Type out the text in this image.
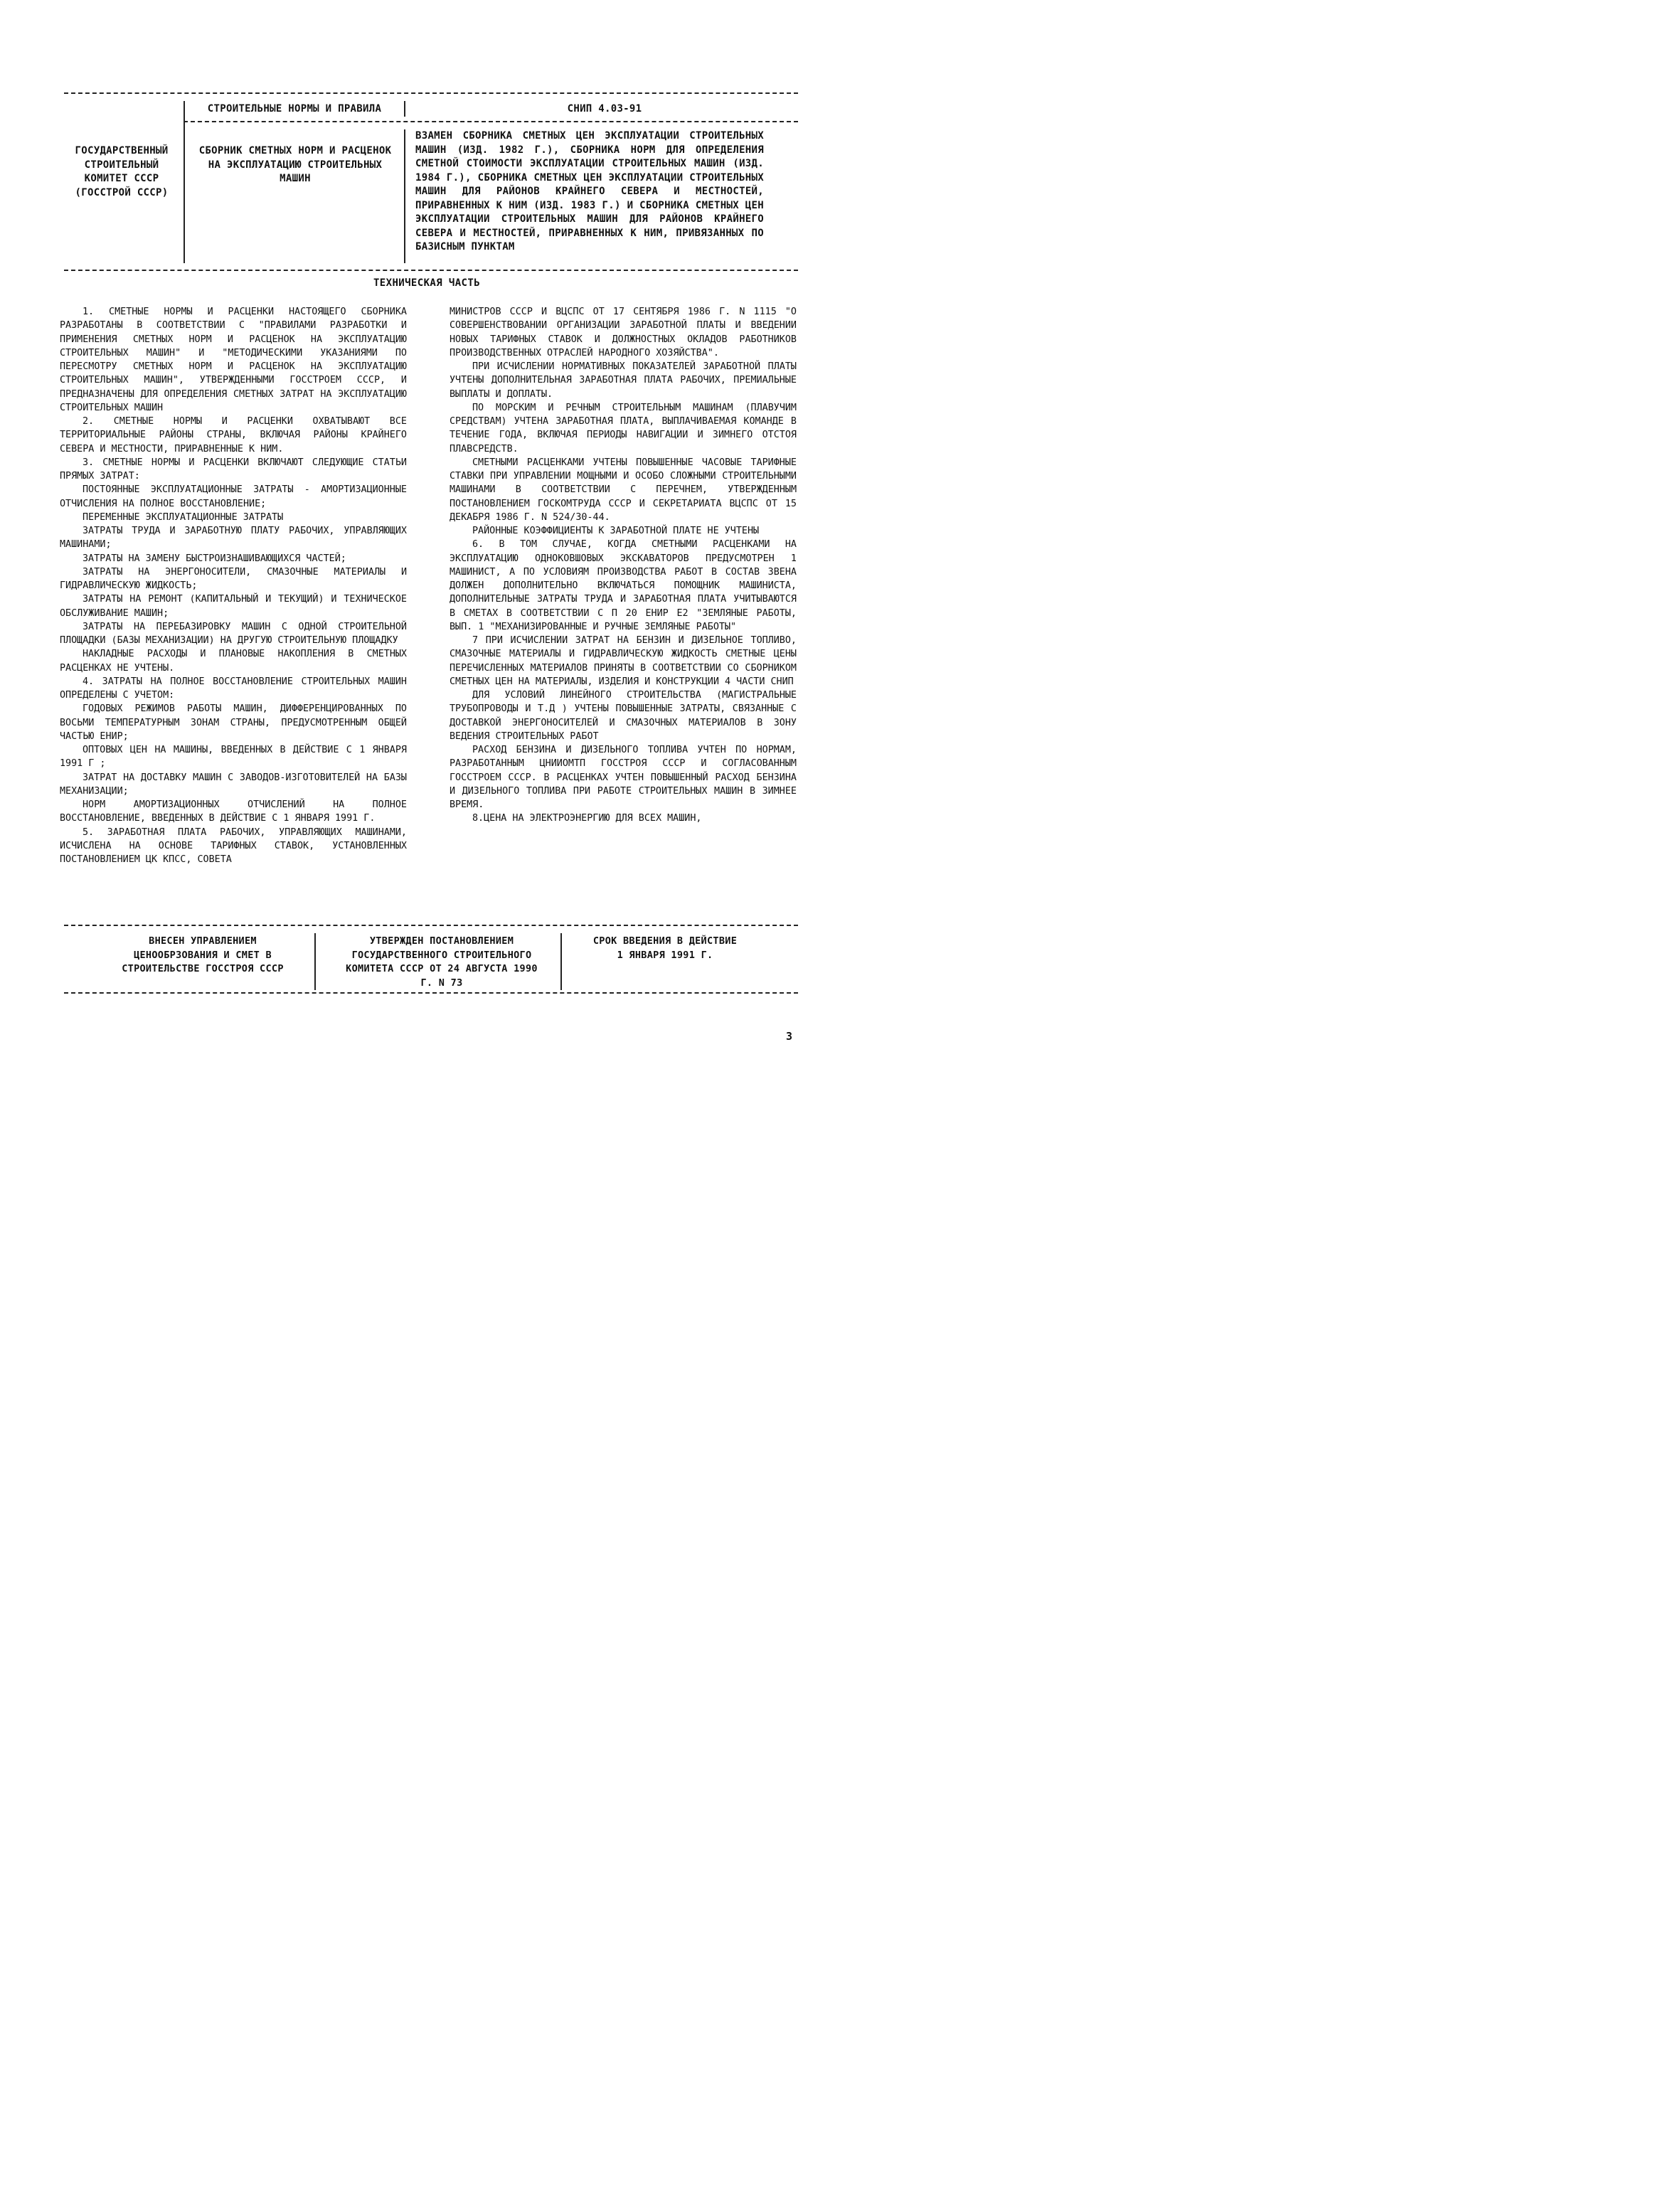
СТРОИТЕЛЬНЫЕ НОРМЫ И ПРАВИЛА	СНИП 4.03-91
ГОСУДАРСТВЕННЫЙ СТРОИТЕЛЬНЫЙ КОМИТЕТ СССР (ГОССТРОЙ СССР)
СБОРНИК СМЕТНЫХ НОРМ И РАСЦЕНОК НА ЭКСПЛУАТАЦИЮ СТРОИТЕЛЬНЫХ МАШИН
ВЗАМЕН СБОРНИКА СМЕТНЫХ ЦЕН ЭКСПЛУАТАЦИИ СТРОИТЕЛЬНЫХ МАШИН (ИЗД. 1982 Г.), СБОРНИКА НОРМ ДЛЯ ОПРЕДЕЛЕНИЯ СМЕТНОЙ СТОИМОСТИ ЭКСПЛУАТАЦИИ СТРОИТЕЛЬНЫХ МАШИН (ИЗД. 1984 Г.), СБОРНИКА СМЕТНЫХ ЦЕН ЭКСПЛУАТАЦИИ СТРОИТЕЛЬНЫХ МАШИН ДЛЯ РАЙОНОВ КРАЙНЕГО СЕВЕРА И МЕСТНОСТЕЙ, ПРИРАВНЕННЫХ К НИМ (ИЗД. 1983 Г.) И СБОРНИКА СМЕТНЫХ ЦЕН ЭКСПЛУАТАЦИИ СТРОИТЕЛЬНЫХ МАШИН ДЛЯ РАЙОНОВ КРАЙНЕГО СЕВЕРА И МЕСТНОСТЕЙ, ПРИРАВНЕННЫХ К НИМ, ПРИВЯЗАННЫХ ПО БАЗИСНЫМ ПУНКТАМ
ТЕХНИЧЕСКАЯ ЧАСТЬ

1. СМЕТНЫЕ НОРМЫ И РАСЦЕНКИ НАСТОЯЩЕГО СБОРНИКА РАЗРАБОТАНЫ В СООТВЕТСТВИИ С "ПРАВИЛАМИ РАЗРАБОТКИ И ПРИМЕНЕНИЯ СМЕТНЫХ НОРМ И РАСЦЕНОК НА ЭКСПЛУАТАЦИЮ СТРОИТЕЛЬНЫХ МАШИН" И "МЕТОДИЧЕСКИМИ УКАЗАНИЯМИ ПО ПЕРЕСМОТРУ СМЕТНЫХ НОРМ И РАСЦЕНОК НА ЭКСПЛУАТАЦИЮ СТРОИТЕЛЬНЫХ МАШИН", УТВЕРЖДЕННЫМИ ГОССТРОЕМ СССР, И ПРЕДНАЗНАЧЕНЫ ДЛЯ ОПРЕДЕЛЕНИЯ СМЕТНЫХ ЗАТРАТ НА ЭКСПЛУАТАЦИЮ СТРОИТЕЛЬНЫХ МАШИН

2. СМЕТНЫЕ НОРМЫ И РАСЦЕНКИ ОХВАТЫВАЮТ ВСЕ ТЕРРИТОРИАЛЬНЫЕ РАЙОНЫ СТРАНЫ, ВКЛЮЧАЯ РАЙОНЫ КРАЙНЕГО СЕВЕРА И МЕСТНОСТИ, ПРИРАВНЕННЫЕ К НИМ.

3. СМЕТНЫЕ НОРМЫ И РАСЦЕНКИ ВКЛЮЧАЮТ СЛЕДУЮЩИЕ СТАТЬИ ПРЯМЫХ ЗАТРАТ:

ПОСТОЯННЫЕ ЭКСПЛУАТАЦИОННЫЕ ЗАТРАТЫ - АМОРТИЗАЦИОННЫЕ ОТЧИСЛЕНИЯ НА ПОЛНОЕ ВОССТАНОВЛЕНИЕ;

ПЕРЕМЕННЫЕ ЭКСПЛУАТАЦИОННЫЕ ЗАТРАТЫ

ЗАТРАТЫ ТРУДА И ЗАРАБОТНУЮ ПЛАТУ РАБОЧИХ, УПРАВЛЯЮЩИХ МАШИНАМИ;

ЗАТРАТЫ НА ЗАМЕНУ БЫСТРОИЗНАШИВАЮЩИХСЯ ЧАСТЕЙ;

ЗАТРАТЫ НА ЭНЕРГОНОСИТЕЛИ, СМАЗОЧНЫЕ МАТЕРИАЛЫ И ГИДРАВЛИЧЕСКУЮ ЖИДКОСТЬ;

ЗАТРАТЫ НА РЕМОНТ (КАПИТАЛЬНЫЙ И ТЕКУЩИЙ) И ТЕХНИЧЕСКОЕ ОБСЛУЖИВАНИЕ МАШИН;

ЗАТРАТЫ НА ПЕРЕБАЗИРОВКУ МАШИН С ОДНОЙ СТРОИТЕЛЬНОЙ ПЛОЩАДКИ (БАЗЫ МЕХАНИЗАЦИИ) НА ДРУГУЮ СТРОИТЕЛЬНУЮ ПЛОЩАДКУ

НАКЛАДНЫЕ РАСХОДЫ И ПЛАНОВЫЕ НАКОПЛЕНИЯ В СМЕТНЫХ РАСЦЕНКАХ НЕ УЧТЕНЫ.

4. ЗАТРАТЫ НА ПОЛНОЕ ВОССТАНОВЛЕНИЕ СТРОИТЕЛЬНЫХ МАШИН ОПРЕДЕЛЕНЫ С УЧЕТОМ:

ГОДОВЫХ РЕЖИМОВ РАБОТЫ МАШИН, ДИФФЕРЕНЦИРОВАННЫХ ПО ВОСЬМИ ТЕМПЕРАТУРНЫМ ЗОНАМ СТРАНЫ, ПРЕДУСМОТРЕННЫМ ОБЩЕЙ ЧАСТЬЮ ЕНИР;

ОПТОВЫХ ЦЕН НА МАШИНЫ, ВВЕДЕННЫХ В ДЕЙСТВИЕ С 1 ЯНВАРЯ 1991 Г ;

ЗАТРАТ НА ДОСТАВКУ МАШИН С ЗАВОДОВ-ИЗГОТОВИТЕЛЕЙ НА БАЗЫ МЕХАНИЗАЦИИ;

НОРМ АМОРТИЗАЦИОННЫХ ОТЧИСЛЕНИЙ НА ПОЛНОЕ ВОССТАНОВЛЕНИЕ, ВВЕДЕННЫХ В ДЕЙСТВИЕ С 1 ЯНВАРЯ 1991 Г.

5. ЗАРАБОТНАЯ ПЛАТА РАБОЧИХ, УПРАВЛЯЮЩИХ МАШИНАМИ, ИСЧИСЛЕНА НА ОСНОВЕ ТАРИФНЫХ СТАВОК, УСТАНОВЛЕННЫХ ПОСТАНОВЛЕНИЕМ ЦК КПСС, СОВЕТА

МИНИСТРОВ СССР И ВЦСПС ОТ 17 СЕНТЯБРЯ 1986 Г. N 1115 "О СОВЕРШЕНСТВОВАНИИ ОРГАНИЗАЦИИ ЗАРАБОТНОЙ ПЛАТЫ И ВВЕДЕНИИ НОВЫХ ТАРИФНЫХ СТАВОК И ДОЛЖНОСТНЫХ ОКЛАДОВ РАБОТНИКОВ ПРОИЗВОДСТВЕННЫХ ОТРАСЛЕЙ НАРОДНОГО ХОЗЯЙСТВА".

ПРИ ИСЧИСЛЕНИИ НОРМАТИВНЫХ ПОКАЗАТЕЛЕЙ ЗАРАБОТНОЙ ПЛАТЫ УЧТЕНЫ ДОПОЛНИТЕЛЬНАЯ ЗАРАБОТНАЯ ПЛАТА РАБОЧИХ, ПРЕМИАЛЬНЫЕ ВЫПЛАТЫ И ДОПЛАТЫ.

ПО МОРСКИМ И РЕЧНЫМ СТРОИТЕЛЬНЫМ МАШИНАМ (ПЛАВУЧИМ СРЕДСТВАМ) УЧТЕНА ЗАРАБОТНАЯ ПЛАТА, ВЫПЛАЧИВАЕМАЯ КОМАНДЕ В ТЕЧЕНИЕ ГОДА, ВКЛЮЧАЯ ПЕРИОДЫ НАВИГАЦИИ И ЗИМНЕГО ОТСТОЯ ПЛАВСРЕДСТВ.

СМЕТНЫМИ РАСЦЕНКАМИ УЧТЕНЫ ПОВЫШЕННЫЕ ЧАСОВЫЕ ТАРИФНЫЕ СТАВКИ ПРИ УПРАВЛЕНИИ МОЩНЫМИ И ОСОБО СЛОЖНЫМИ СТРОИТЕЛЬНЫМИ МАШИНАМИ В СООТВЕТСТВИИ С ПЕРЕЧНЕМ, УТВЕРЖДЕННЫМ ПОСТАНОВЛЕНИЕМ ГОСКОМТРУДА СССР И СЕКРЕТАРИАТА ВЦСПС ОТ 15 ДЕКАБРЯ 1986 Г. N 524/30-44.

РАЙОННЫЕ КОЭФФИЦИЕНТЫ К ЗАРАБОТНОЙ ПЛАТЕ НЕ УЧТЕНЫ

6. В ТОМ СЛУЧАЕ, КОГДА СМЕТНЫМИ РАСЦЕНКАМИ НА ЭКСПЛУАТАЦИЮ ОДНОКОВШОВЫХ ЭКСКАВАТОРОВ ПРЕДУСМОТРЕН 1 МАШИНИСТ, А ПО УСЛОВИЯМ ПРОИЗВОДСТВА РАБОТ В СОСТАВ ЗВЕНА ДОЛЖЕН ДОПОЛНИТЕЛЬНО ВКЛЮЧАТЬСЯ ПОМОЩНИК МАШИНИСТА, ДОПОЛНИТЕЛЬНЫЕ ЗАТРАТЫ ТРУДА И ЗАРАБОТНАЯ ПЛАТА УЧИТЫВАЮТСЯ В СМЕТАХ В СООТВЕТСТВИИ С П 20 ЕНИР Е2 "ЗЕМЛЯНЫЕ РАБОТЫ, ВЫП. 1 "МЕХАНИЗИРОВАННЫЕ И РУЧНЫЕ ЗЕМЛЯНЫЕ РАБОТЫ"

7 ПРИ ИСЧИСЛЕНИИ ЗАТРАТ НА БЕНЗИН И ДИЗЕЛЬНОЕ ТОПЛИВО, СМАЗОЧНЫЕ МАТЕРИАЛЫ И ГИДРАВЛИЧЕСКУЮ ЖИДКОСТЬ СМЕТНЫЕ ЦЕНЫ ПЕРЕЧИСЛЕННЫХ МАТЕРИАЛОВ ПРИНЯТЫ В СООТВЕТСТВИИ СО СБОРНИКОМ СМЕТНЫХ ЦЕН НА МАТЕРИАЛЫ, ИЗДЕЛИЯ И КОНСТРУКЦИИ 4 ЧАСТИ СНИП

ДЛЯ УСЛОВИЙ ЛИНЕЙНОГО СТРОИТЕЛЬСТВА (МАГИСТРАЛЬНЫЕ ТРУБОПРОВОДЫ И Т.Д ) УЧТЕНЫ ПОВЫШЕННЫЕ ЗАТРАТЫ, СВЯЗАННЫЕ С ДОСТАВКОЙ ЭНЕРГОНОСИТЕЛЕЙ И СМАЗОЧНЫХ МАТЕРИАЛОВ В ЗОНУ ВЕДЕНИЯ СТРОИТЕЛЬНЫХ РАБОТ

РАСХОД БЕНЗИНА И ДИЗЕЛЬНОГО ТОПЛИВА УЧТЕН ПО НОРМАМ, РАЗРАБОТАННЫМ ЦНИИОМТП ГОССТРОЯ СССР И СОГЛАСОВАННЫМ ГОССТРОЕМ СССР. В РАСЦЕНКАХ УЧТЕН ПОВЫШЕННЫЙ РАСХОД БЕНЗИНА И ДИЗЕЛЬНОГО ТОПЛИВА ПРИ РАБОТЕ СТРОИТЕЛЬНЫХ МАШИН В ЗИМНЕЕ ВРЕМЯ.

8.ЦЕНА НА ЭЛЕКТРОЭНЕРГИЮ ДЛЯ ВСЕХ МАШИН,

ВНЕСЕН УПРАВЛЕНИЕМ ЦЕНООБРЗОВАНИЯ И СМЕТ В СТРОИТЕЛЬСТВЕ ГОССТРОЯ СССР
УТВЕРЖДЕН ПОСТАНОВЛЕНИЕМ ГОСУДАРСТВЕННОГО СТРОИТЕЛЬНОГО КОМИТЕТА СССР ОТ 24 АВГУСТА 1990 Г. N 73
СРОК ВВЕДЕНИЯ В ДЕЙСТВИЕ 1 ЯНВАРЯ 1991 Г.
3
